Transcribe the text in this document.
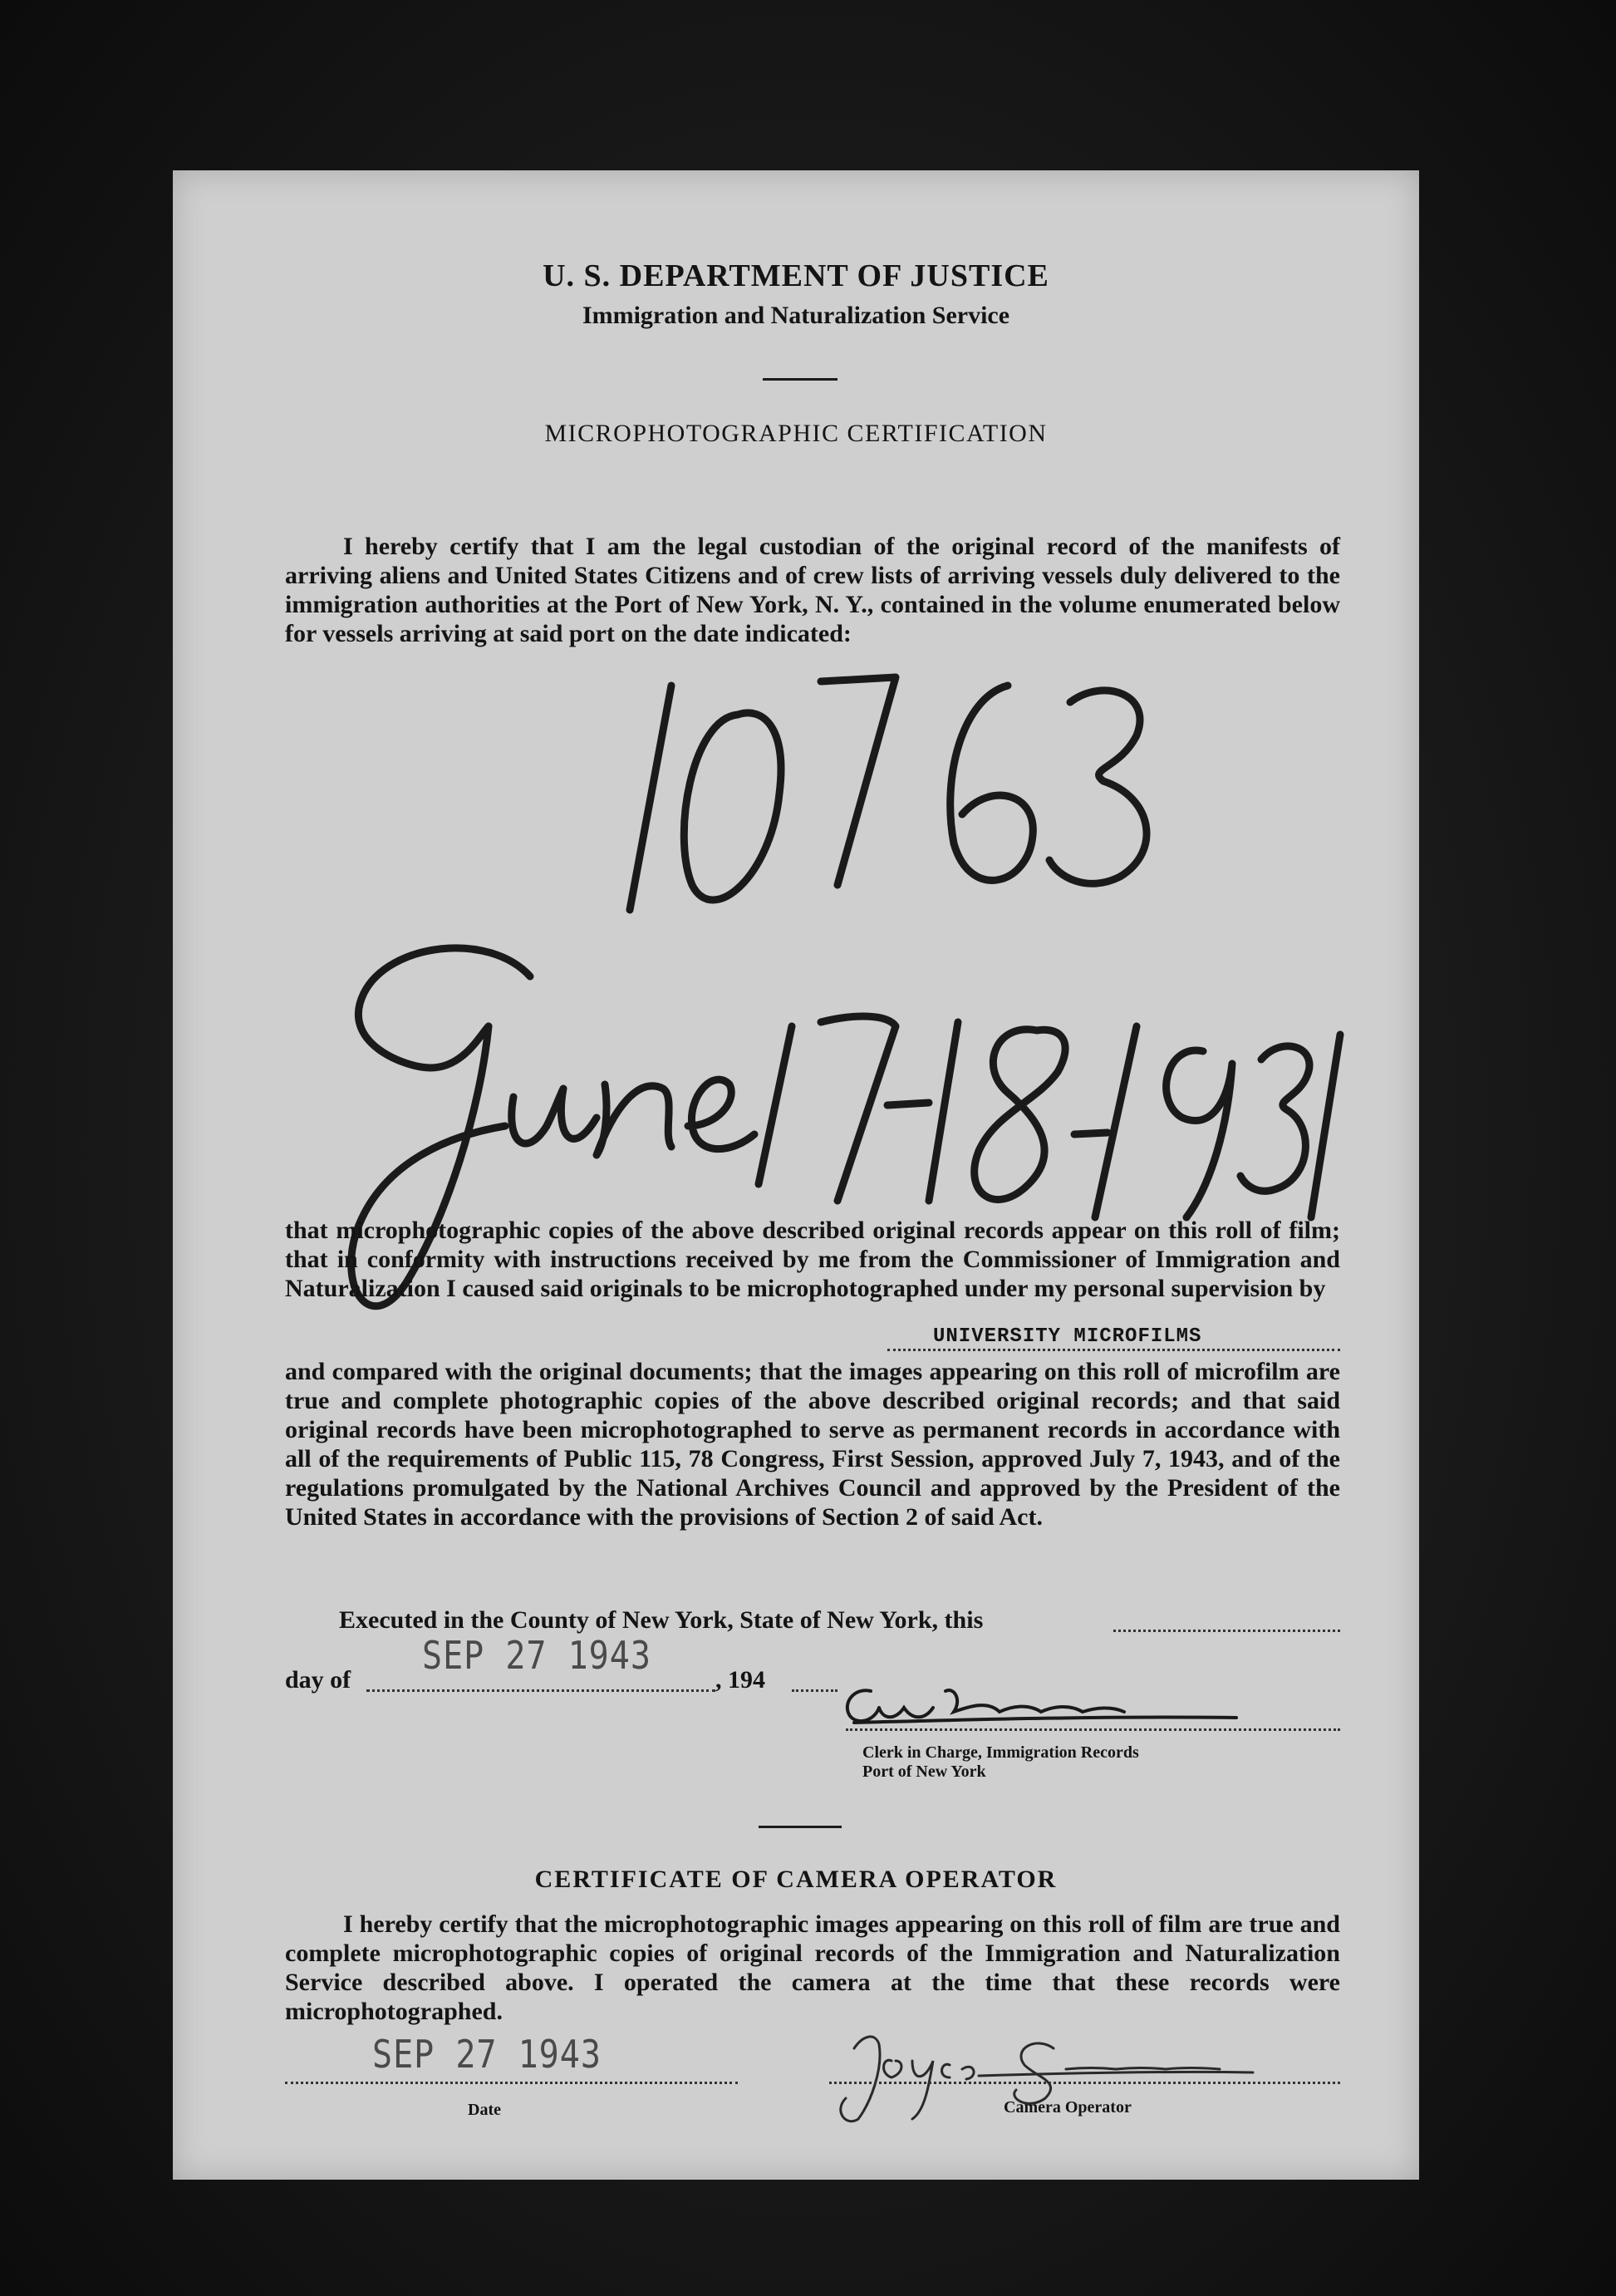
U. S. DEPARTMENT OF JUSTICE
Immigration and Naturalization Service
MICROPHOTOGRAPHIC CERTIFICATION

I hereby certify that I am the legal custodian of the original record of the manifests of arriving aliens and United States Citizens and of crew lists of arriving vessels duly delivered to the immigration authorities at the Port of New York, N. Y., contained in the volume enumerated below for vessels arriving at said port on the date indicated:

that microphotographic copies of the above described original records appear on this roll of film; that in conformity with instructions received by me from the Commissioner of Immigration and Naturalization I caused said originals to be microphotographed under my personal supervision by

UNIVERSITY MICROFILMS

and compared with the original documents; that the images appearing on this roll of microfilm are true and complete photographic copies of the above described original records; and that said original records have been microphotographed to serve as permanent records in accordance with all of the requirements of Public 115, 78 Congress, First Session, approved July 7, 1943, and of the regulations promulgated by the National Archives Council and approved by the President of the United States in accordance with the provisions of Section 2 of said Act.

Executed in the County of New York, State of New York, this
day of
SEP 27 1943
, 194
Clerk in Charge, Immigration Records
Port of New York
CERTIFICATE OF CAMERA OPERATOR

I hereby certify that the microphotographic images appearing on this roll of film are true and complete microphotographic copies of original records of the Immigration and Naturalization Service described above. I operated the camera at the time that these records were microphotographed.

SEP 27 1943
Date	Camera Operator
